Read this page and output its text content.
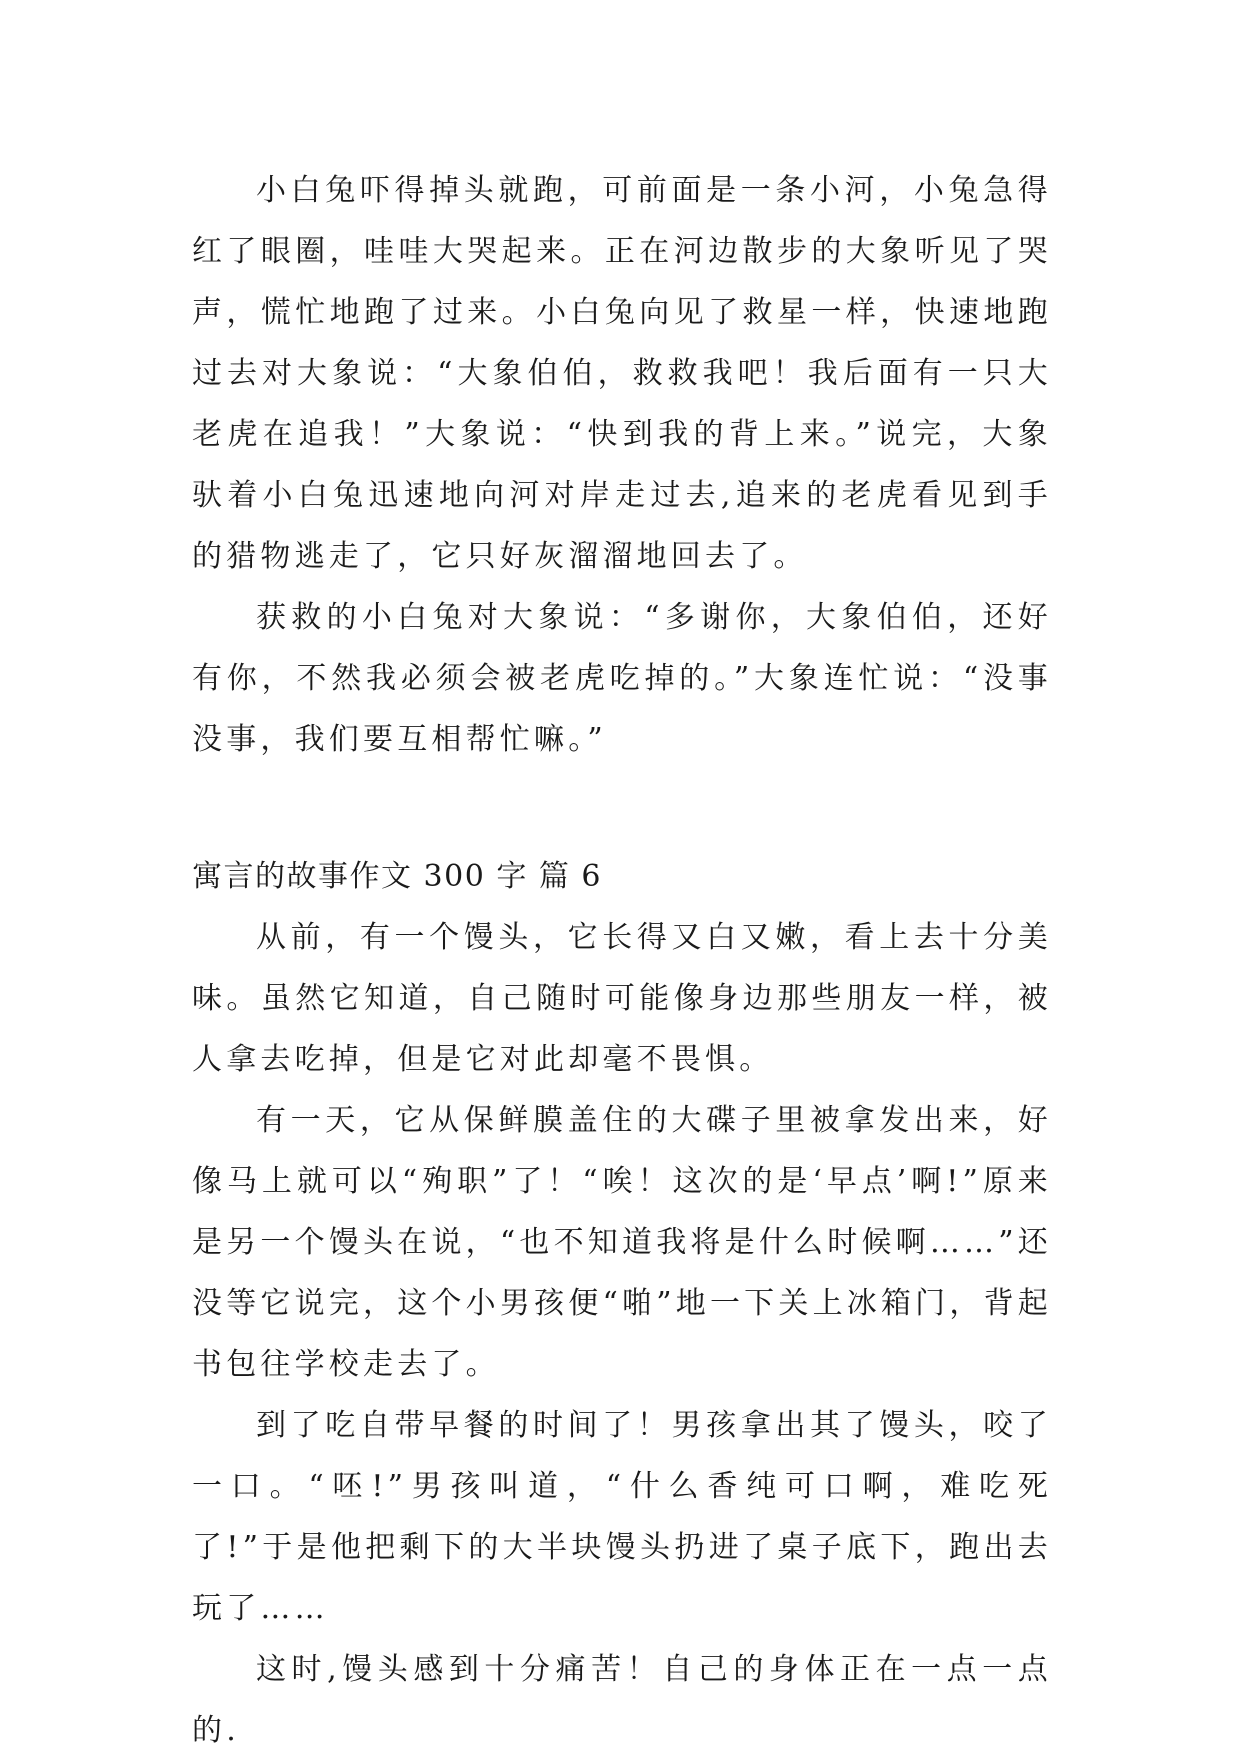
小白兔吓得掉头就跑，可前面是一条小河，小兔急得红了眼圈，哇哇大哭起来。正在河边散步的大象听见了哭声，慌忙地跑了过来。小白兔向见了救星一样，快速地跑过去对大象说：“大象伯伯，救救我吧！我后面有一只大老虎在追我！”大象说：“快到我的背上来。”说完，大象驮着小白兔迅速地向河对岸走过去,追来的老虎看见到手的猎物逃走了，它只好灰溜溜地回去了。

获救的小白兔对大象说：“多谢你，大象伯伯，还好有你，不然我必须会被老虎吃掉的。”大象连忙说：“没事没事，我们要互相帮忙嘛。”

寓言的故事作文 300 字 篇 6

从前，有一个馒头，它长得又白又嫩，看上去十分美味。虽然它知道，自己随时可能像身边那些朋友一样，被人拿去吃掉，但是它对此却毫不畏惧。

有一天，它从保鲜膜盖住的大碟子里被拿发出来，好像马上就可以“殉职”了！“唉！这次的是‘早点’啊!”原来是另一个馒头在说，“也不知道我将是什么时候啊……”还没等它说完，这个小男孩便“啪”地一下关上冰箱门，背起书包往学校走去了。

到了吃自带早餐的时间了！男孩拿出其了馒头，咬了一口。“呸!”男孩叫道，“什么香纯可口啊，难吃死了!”于是他把剩下的大半块馒头扔进了桌子底下，跑出去玩了……

这时,馒头感到十分痛苦！自己的身体正在一点一点的.
